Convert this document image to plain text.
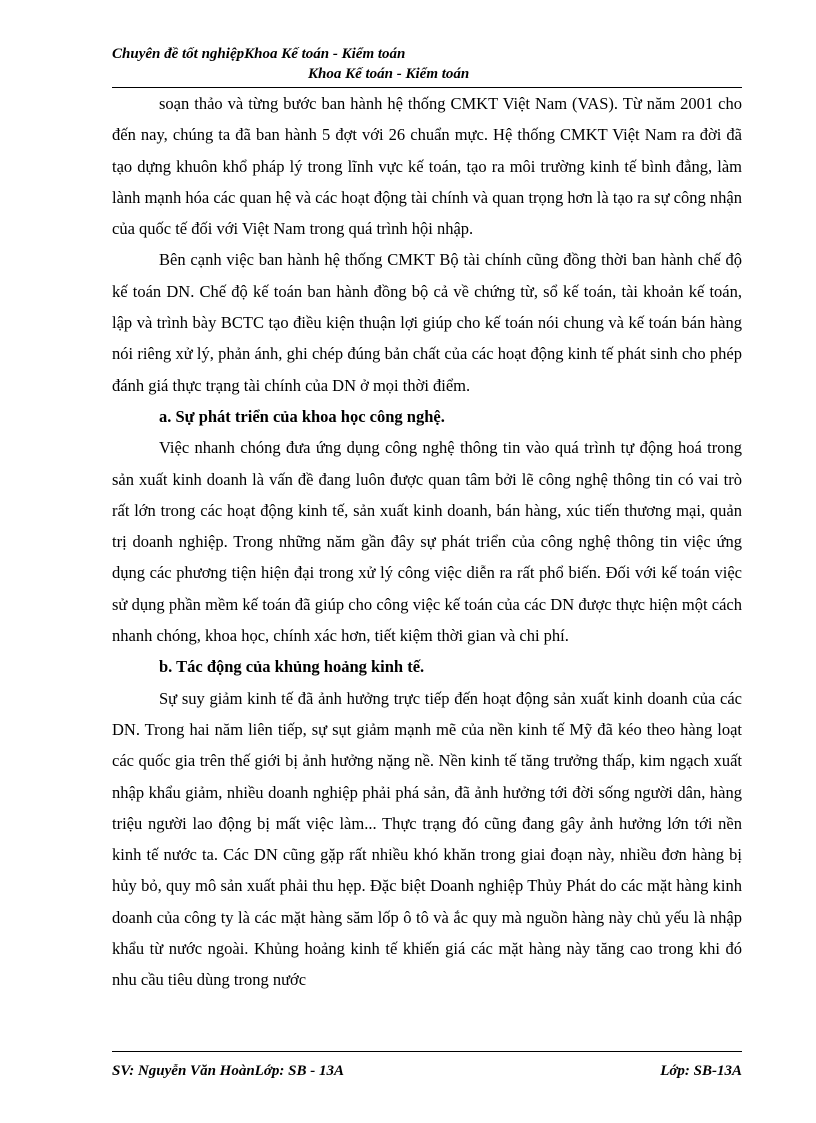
Chuyên đề tốt nghiệpKhoa Kế toán - Kiểm toán
Khoa Kế toán - Kiểm toán

soạn thảo và từng bước ban hành hệ thống CMKT Việt Nam (VAS). Từ năm 2001 cho đến nay, chúng ta đã ban hành 5 đợt với 26 chuẩn mực. Hệ thống CMKT Việt Nam ra đời đã tạo dựng khuôn khổ pháp lý trong lĩnh vực kế toán, tạo ra môi trường kinh tế bình đẳng, làm lành mạnh hóa các quan hệ và các hoạt động tài chính và quan trọng hơn là tạo ra sự công nhận của quốc tế đối với Việt Nam trong quá trình hội nhập.

Bên cạnh việc ban hành hệ thống CMKT Bộ tài chính cũng đồng thời ban hành chế độ kế toán DN. Chế độ kế toán ban hành đồng bộ cả về chứng từ, sổ kế toán, tài khoản kế toán, lập và trình bày BCTC tạo điều kiện thuận lợi giúp cho kế toán nói chung và kế toán bán hàng nói riêng xử lý, phản ánh, ghi chép đúng bản chất của các hoạt động kinh tế phát sinh cho phép đánh giá thực trạng tài chính của DN ở mọi thời điểm.

a. Sự phát triển của khoa học công nghệ.

Việc nhanh chóng đưa ứng dụng công nghệ thông tin vào quá trình tự động hoá trong sản xuất kinh doanh là vấn đề đang luôn được quan tâm bởi lẽ công nghệ thông tin có vai trò rất lớn trong các hoạt động kinh tế, sản xuất kinh doanh, bán hàng, xúc tiến thương mại, quản trị doanh nghiệp. Trong những năm gần đây sự phát triển của công nghệ thông tin việc ứng dụng các phương tiện hiện đại trong xử lý công việc diễn ra rất phổ biến. Đối với kế toán việc sử dụng phần mềm kế toán đã giúp cho công việc kế toán của các DN được thực hiện một cách nhanh chóng, khoa học, chính xác hơn, tiết kiệm thời gian và chi phí.

b. Tác động của khủng hoảng kinh tế.

Sự suy giảm kinh tế đã ảnh hưởng trực tiếp đến hoạt động sản xuất kinh doanh của các DN. Trong hai năm liên tiếp, sự sụt giảm mạnh mẽ của nền kinh tế Mỹ đã kéo theo hàng loạt các quốc gia trên thế giới bị ảnh hưởng nặng nề. Nền kinh tế tăng trưởng thấp, kim ngạch xuất nhập khẩu giảm, nhiều doanh nghiệp phải phá sản, đã ảnh hưởng tới đời sống người dân, hàng triệu người lao động bị mất việc làm... Thực trạng đó cũng đang gây ảnh hưởng lớn tới nền kinh tế nước ta. Các DN cũng gặp rất nhiều khó khăn trong giai đoạn này, nhiều đơn hàng bị hủy bỏ, quy mô sản xuất phải thu hẹp. Đặc biệt Doanh nghiệp Thủy Phát do các mặt hàng kinh doanh của công ty là các mặt hàng săm lốp ô tô và ắc quy mà nguồn hàng này chủ yếu là nhập khẩu từ nước ngoài. Khủng hoảng kinh tế khiến giá các mặt hàng này tăng cao trong khi đó nhu cầu tiêu dùng trong nước

SV: Nguyễn Văn HoànLớp: SB - 13A	Lớp: SB-13A
